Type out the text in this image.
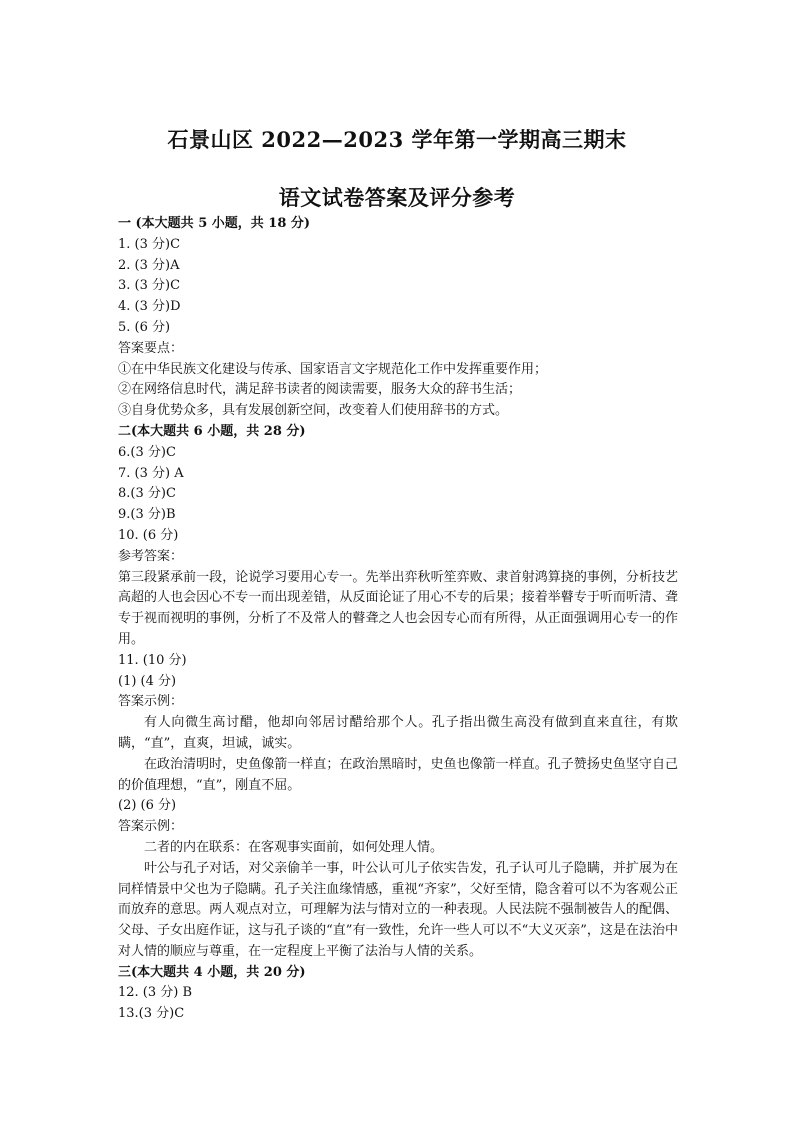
石景山区 2022—2023 学年第一学期高三期末
语文试卷答案及评分参考
一 (本大题共 5 小题，共 18 分)
1. (3 分)C
2. (3 分)A
3. (3 分)C
4. (3 分)D
5. (6 分)
答案要点：
①在中华民族文化建设与传承、国家语言文字规范化工作中发挥重要作用；
②在网络信息时代，满足辞书读者的阅读需要，服务大众的辞书生活；
③自身优势众多，具有发展创新空间，改变着人们使用辞书的方式。
二(本大题共 6 小题，共 28 分)
6.(3 分)C
7. (3 分) A
8.(3 分)C
9.(3 分)B
10. (6 分)
参考答案：
第三段紧承前一段，论说学习要用心专一。先举出弈秋听笙弈败、隶首射鸿算挠的事例，分析技艺高超的人也会因心不专一而出现差错，从反面论证了用心不专的后果；接着举瞽专于听而听清、聋专于视而视明的事例，分析了不及常人的瞽聋之人也会因专心而有所得，从正面强调用心专一的作用。
11. (10 分)
(1) (4 分)
答案示例：
有人向微生高讨醋，他却向邻居讨醋给那个人。孔子指出微生高没有做到直来直往，有欺瞒，“直”，直爽，坦诚，诚实。
在政治清明时，史鱼像箭一样直；在政治黑暗时，史鱼也像箭一样直。孔子赞扬史鱼坚守自己的价值理想，“直”，刚直不屈。
(2) (6 分)
答案示例：
二者的内在联系：在客观事实面前，如何处理人情。
叶公与孔子对话，对父亲偷羊一事，叶公认可儿子依实告发，孔子认可儿子隐瞒，并扩展为在同样情景中父也为子隐瞒。孔子关注血缘情感，重视“齐家”，父好至情，隐含着可以不为客观公正而放弃的意思。两人观点对立，可理解为法与情对立的一种表现。人民法院不强制被告人的配偶、父母、子女出庭作证，这与孔子谈的“直”有一致性，允许一些人可以不“大义灭亲”，这是在法治中对人情的顺应与尊重，在一定程度上平衡了法治与人情的关系。
三(本大题共 4 小题，共 20 分)
12. (3 分) B
13.(3 分)C
